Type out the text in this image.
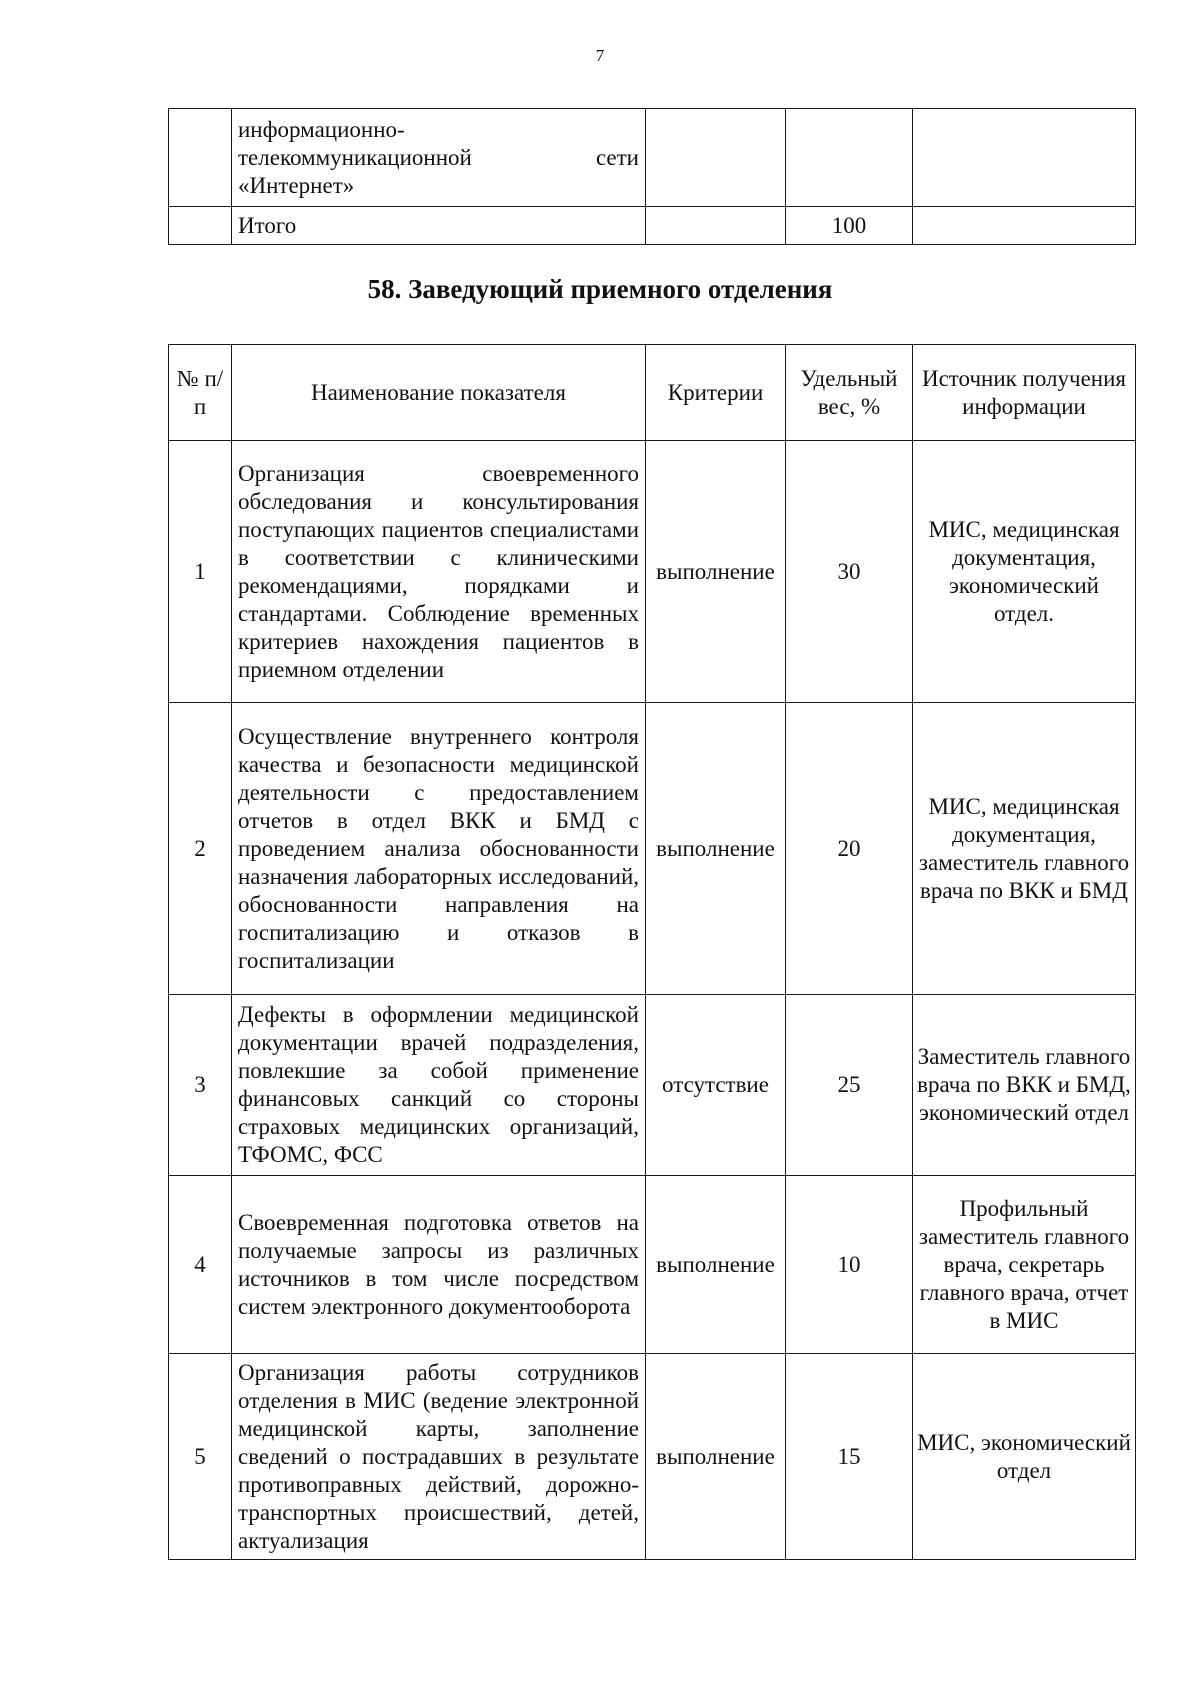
7

	информационно-
телекоммуникационной сети
«Интернет»			

	Итого		100	
58. Заведующий приемного отделения
№ п/п	Наименование показателя	Критерии	Удельный вес, %	Источник получения информации
1	Организация своевременного обследования и консультирования поступающих пациентов специалистами в соответствии с клиническими рекомендациями, порядками и стандартами. Соблюдение временных критериев нахождения пациентов в приемном отделении	выполнение	30	МИС, медицинская документация, экономический отдел.
2	Осуществление внутреннего контроля качества и безопасности медицинской деятельности с предоставлением отчетов в отдел ВКК и БМД с проведением анализа обоснованности назначения лабораторных исследований, обоснованности направления на госпитализацию и отказов в госпитализации	выполнение	20	МИС, медицинская документация, заместитель главного врача по ВКК и БМД
3	Дефекты в оформлении медицинской документации врачей подразделения, повлекшие за собой применение финансовых санкций со стороны страховых медицинских организаций, ТФОМС, ФСС	отсутствие	25	Заместитель главного врача по ВКК и БМД, экономический отдел
4	Своевременная подготовка ответов на получаемые запросы из различных источников в том числе посредством систем электронного документооборота	выполнение	10	Профильный заместитель главного врача, секретарь главного врача, отчет в МИС
5	Организация работы сотрудников отделения в МИС (ведение электронной медицинской карты, заполнение сведений о пострадавших в результате противоправных действий, дорожно-транспортных происшествий, детей, актуализация	выполнение	15	МИС, экономический отдел
